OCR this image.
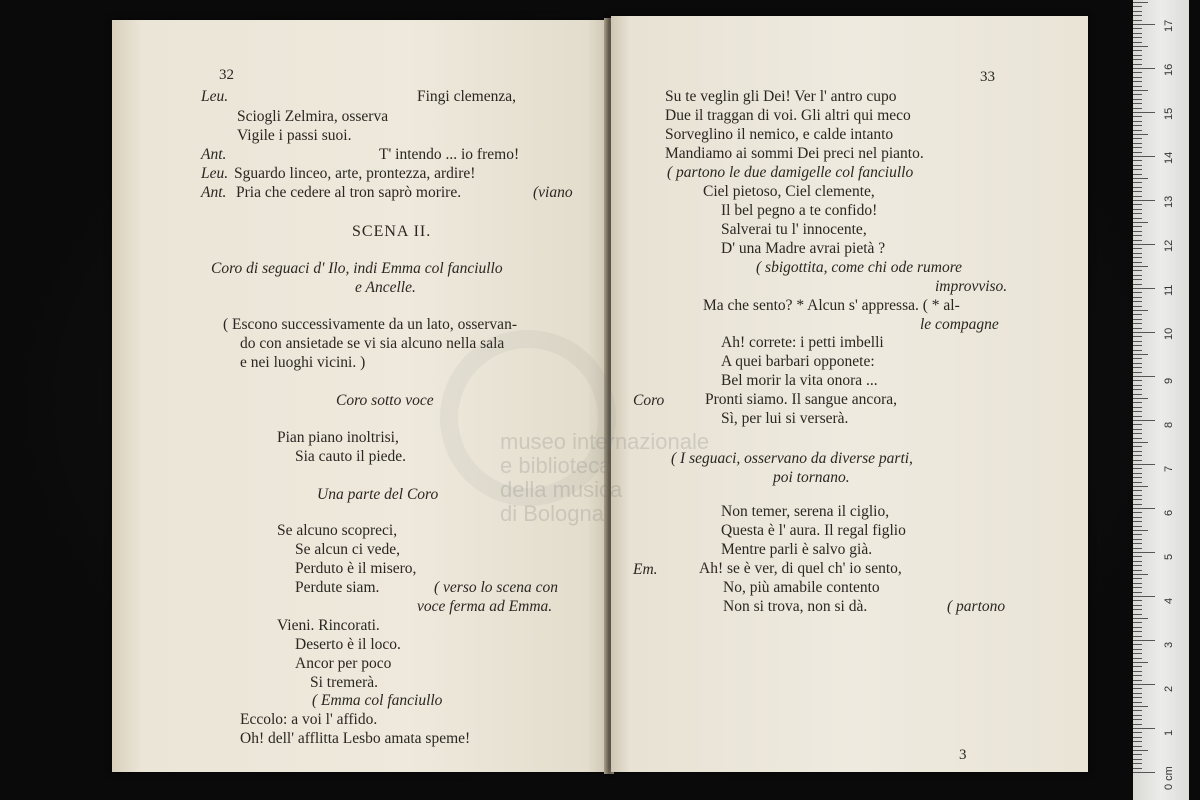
32
Leu.	Fingi clemenza,
Sciogli Zelmira, osserva
Vigile i passi suoi.
Ant.	T' intendo ... io fremo!
Leu. Sguardo linceo, arte, prontezza, ardire!
Ant. Pria che cedere al tron saprò morire.	(viano
SCENA II.
Coro di seguaci d' Ilo, indi Emma col fanciullo
e Ancelle.
( Escono successivamente da un lato, osservan-
do con ansietade se vi sia alcuno nella sala
e nei luoghi vicini. )
Coro sotto voce
Pian piano inoltrisi,
Sia cauto il piede.
Una parte del Coro
Se alcuno scopreci,
Se alcun ci vede,
Perduto è il misero,
Perdute siam.	( verso lo scena con
voce ferma ad Emma.
Vieni. Rincorati.
Deserto è il loco.
Ancor per poco
Si tremerà.
( Emma col fanciullo
Eccolo: a voi l' affido.
Oh! dell' afflitta Lesbo amata speme!
33
Su te veglin gli Dei! Ver l' antro cupo
Due il traggan di voi. Gli altri qui meco
Sorveglino il nemico, e calde intanto
Mandiamo ai sommi Dei preci nel pianto.
( partono le due damigelle col fanciullo
Ciel pietoso, Ciel clemente,
Il bel pegno a te confido!
Salverai tu l' innocente,
D' una Madre avrai pietà ?
( sbigottita, come chi ode rumore
improvviso.
Ma che sento? * Alcun s' appressa. ( * al-
le compagne
Ah! correte: i petti imbelli
A quei barbari opponete:
Bel morir la vita onora ...
Coro	Pronti siamo. Il sangue ancora,
Sì, per lui si verserà.
( I seguaci, osservano da diverse parti,
poi tornano.
Non temer, serena il ciglio,
Questa è l' aura. Il regal figlio
Mentre parli è salvo già.
Em.	Ah! se è ver, di quel ch' io sento,
No, più amabile contento
Non si trova, non si dà.	( partono
3
museo internazionale
e biblioteca
della musica
di Bologna
1
2
3
4
5
6
7
8
9
10
11
12
13
14
15
16
17
0 cm
